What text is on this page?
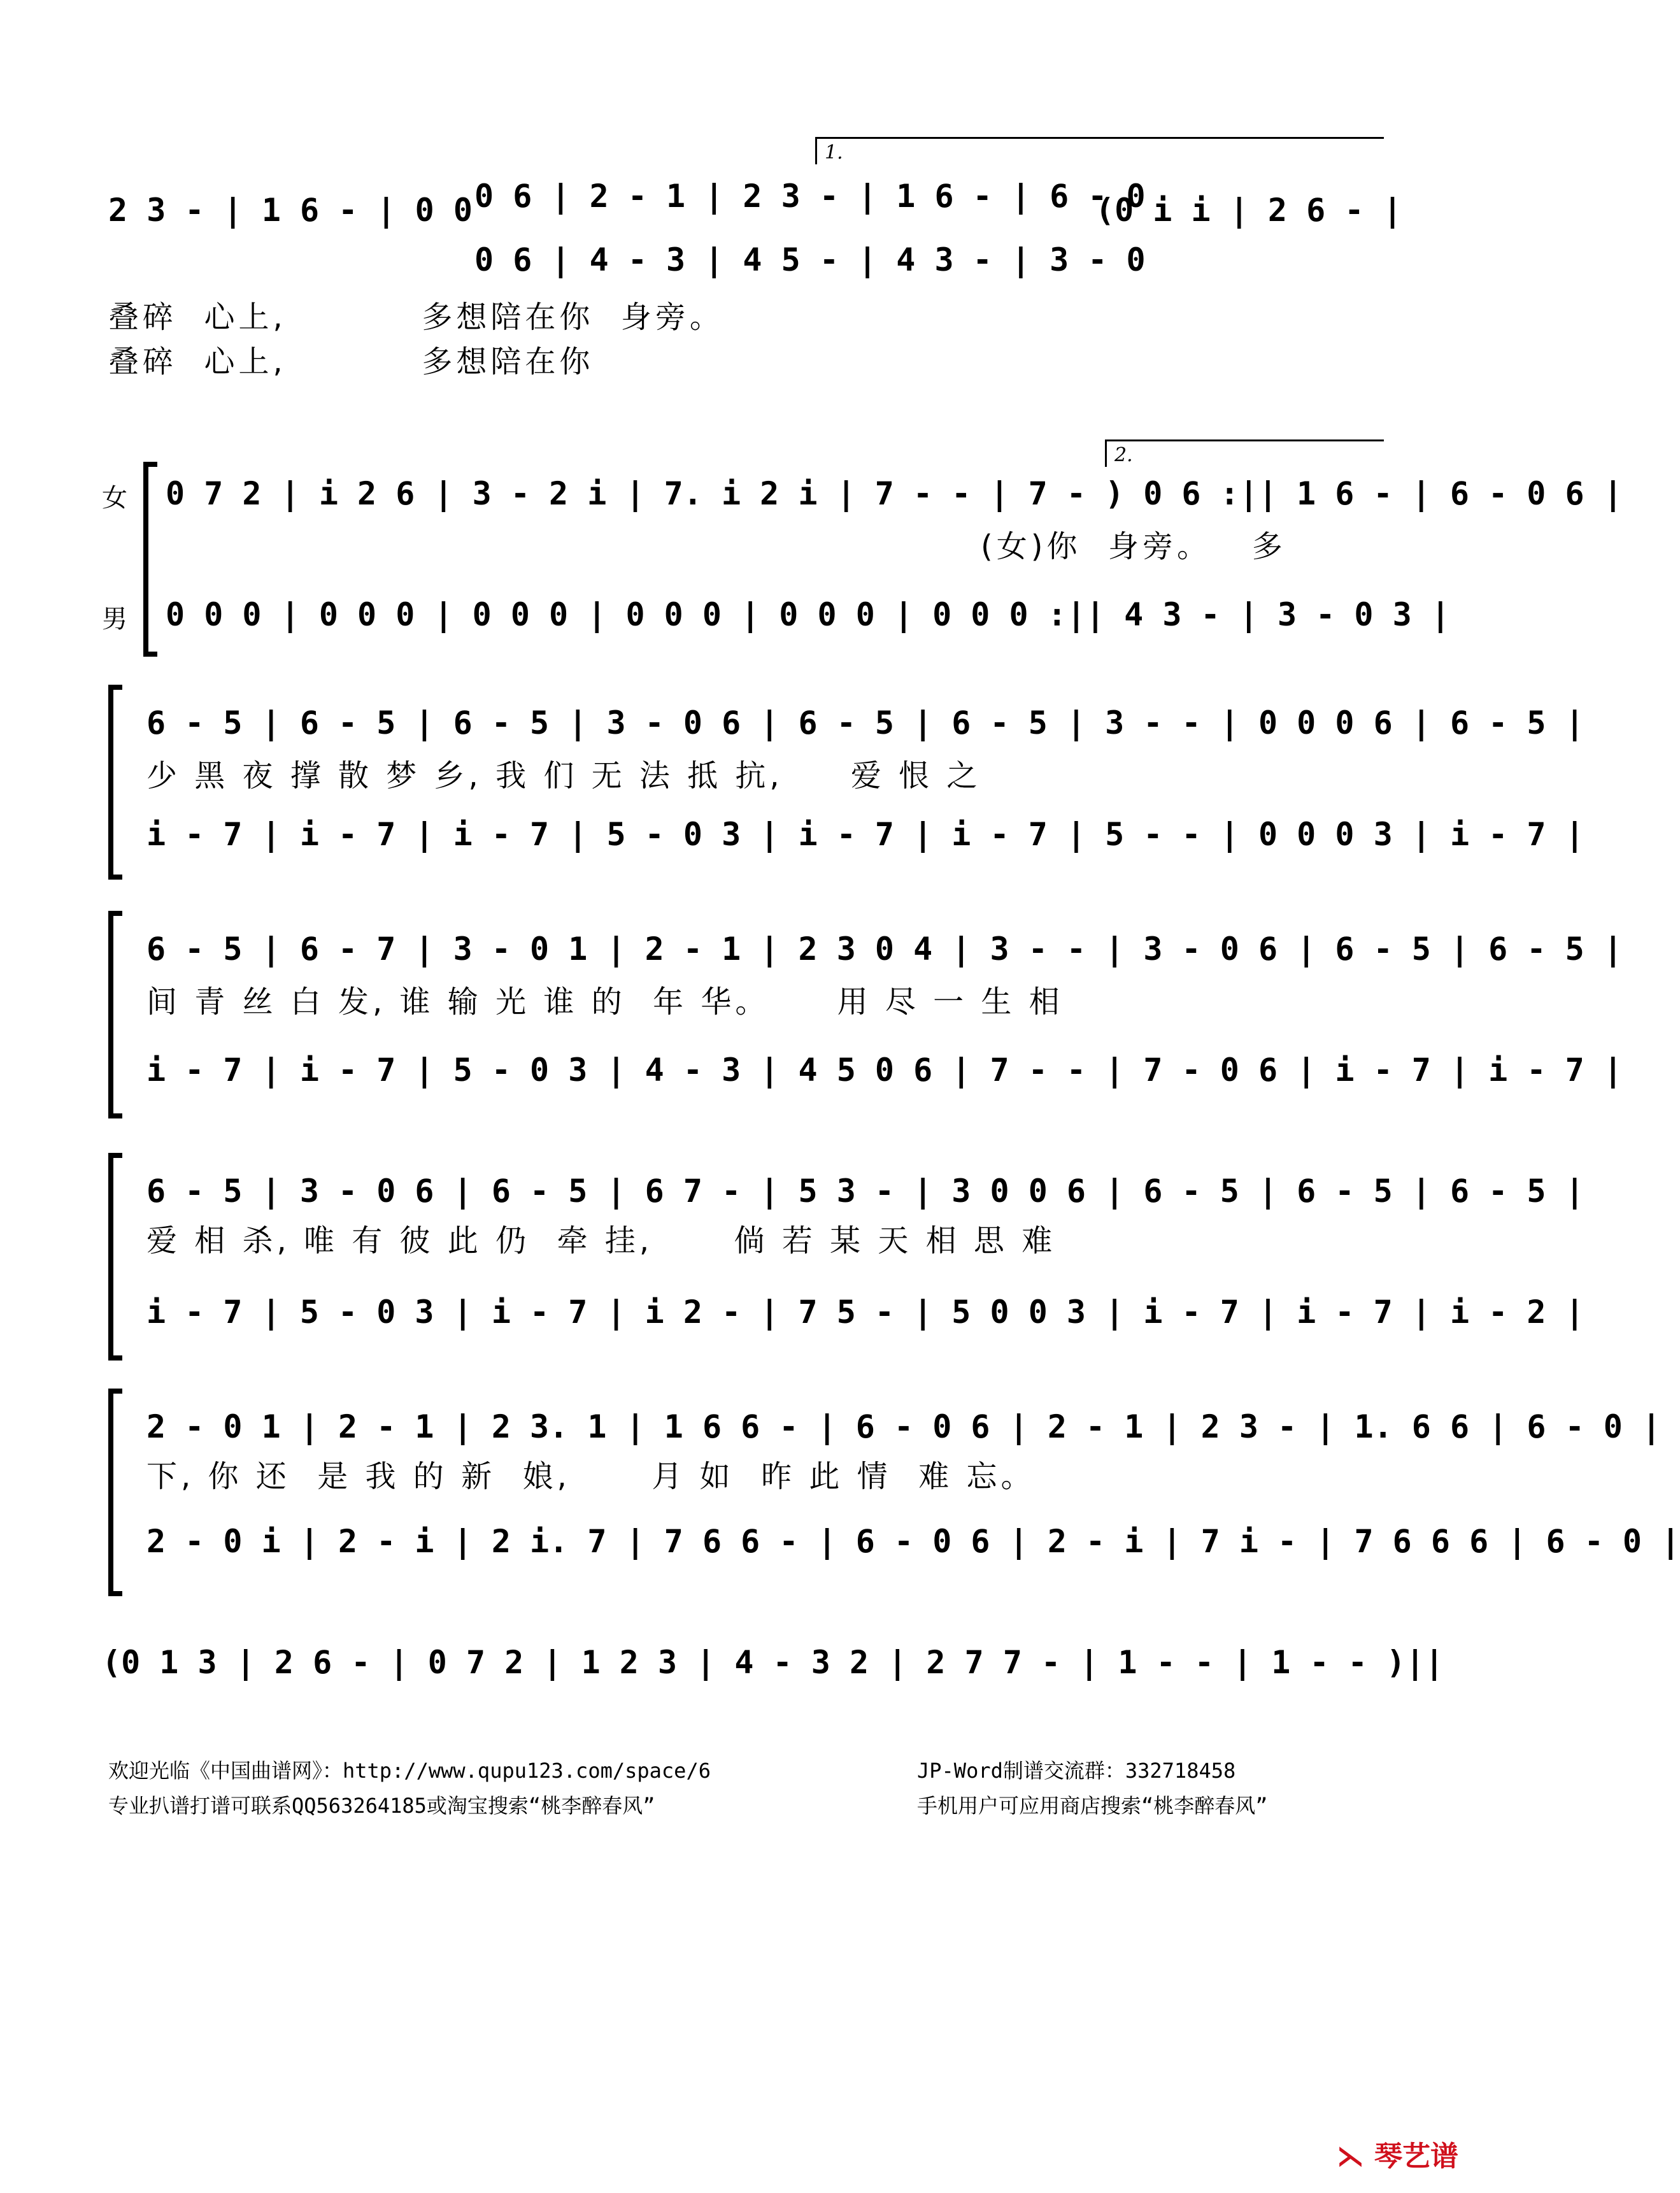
2 3 - | 1 6 - | 0 0 0 6 | 2 - 1 | 2 3 - | 1 6 - | 6 - 0
0 6 | 4 - 3 | 4 5 - | 4 3 - | 3 - 0
(0 i i | 2 6 - |
叠碎  心上,          多想陪在你  身旁。
叠碎  心上,          多想陪在你
0 7 2 | i 2 6 | 3 - 2 i | 7. i 2 i | 7 - - | 7 - ) 0 6 :|| 1 6 - | 6 - 0 6 |
(女)你  身旁。   多
0 0 0 | 0 0 0 | 0 0 0 | 0 0 0 | 0 0 0 | 0 0 0 :|| 4 3 - | 3 - 0 3 |
6 - 5 | 6 - 5 | 6 - 5 | 3 - 0 6 | 6 - 5 | 6 - 5 | 3 - - | 0 0 0 6 | 6 - 5 |
少 黑 夜 撑 散 梦 乡, 我 们 无 法 抵 抗,     爱 恨 之
i - 7 | i - 7 | i - 7 | 5 - 0 3 | i - 7 | i - 7 | 5 - - | 0 0 0 3 | i - 7 |
6 - 5 | 6 - 7 | 3 - 0 1 | 2 - 1 | 2 3 0 4 | 3 - - | 3 - 0 6 | 6 - 5 | 6 - 5 |
间 青 丝 白 发, 谁 输 光 谁 的  年 华。     用 尽 一 生 相
i - 7 | i - 7 | 5 - 0 3 | 4 - 3 | 4 5 0 6 | 7 - - | 7 - 0 6 | i - 7 | i - 7 |
6 - 5 | 3 - 0 6 | 6 - 5 | 6 7 - | 5 3 - | 3 0 0 6 | 6 - 5 | 6 - 5 | 6 - 5 |
爱 相 杀, 唯 有 彼 此 仍  牵 挂,      倘 若 某 天 相 思 难
i - 7 | 5 - 0 3 | i - 7 | i 2 - | 7 5 - | 5 0 0 3 | i - 7 | i - 7 | i - 2 |
2 - 0 1 | 2 - 1 | 2 3. 1 | 1 6 6 - | 6 - 0 6 | 2 - 1 | 2 3 - | 1. 6 6 | 6 - 0 |
下, 你 还  是 我 的 新  娘,      月 如  昨 此 情  难 忘。
2 - 0 i | 2 - i | 2 i. 7 | 7 6 6 - | 6 - 0 6 | 2 - i | 7 i - | 7 6 6 6 | 6 - 0 |
(0 1 3 | 2 6 - | 0 7 2 | 1 2 3 | 4 - 3 2 | 2 7 7 - | 1 - - | 1 - - )||
1.
2.
女
男
欢迎光临《中国曲谱网》：http://www.qupu123.com/space/6	JP-Word制谱交流群：332718458
专业扒谱打谱可联系QQ563264185或淘宝搜索“桃李醉春风”	手机用户可应用商店搜索“桃李醉春风”
⋋ 琴艺谱
